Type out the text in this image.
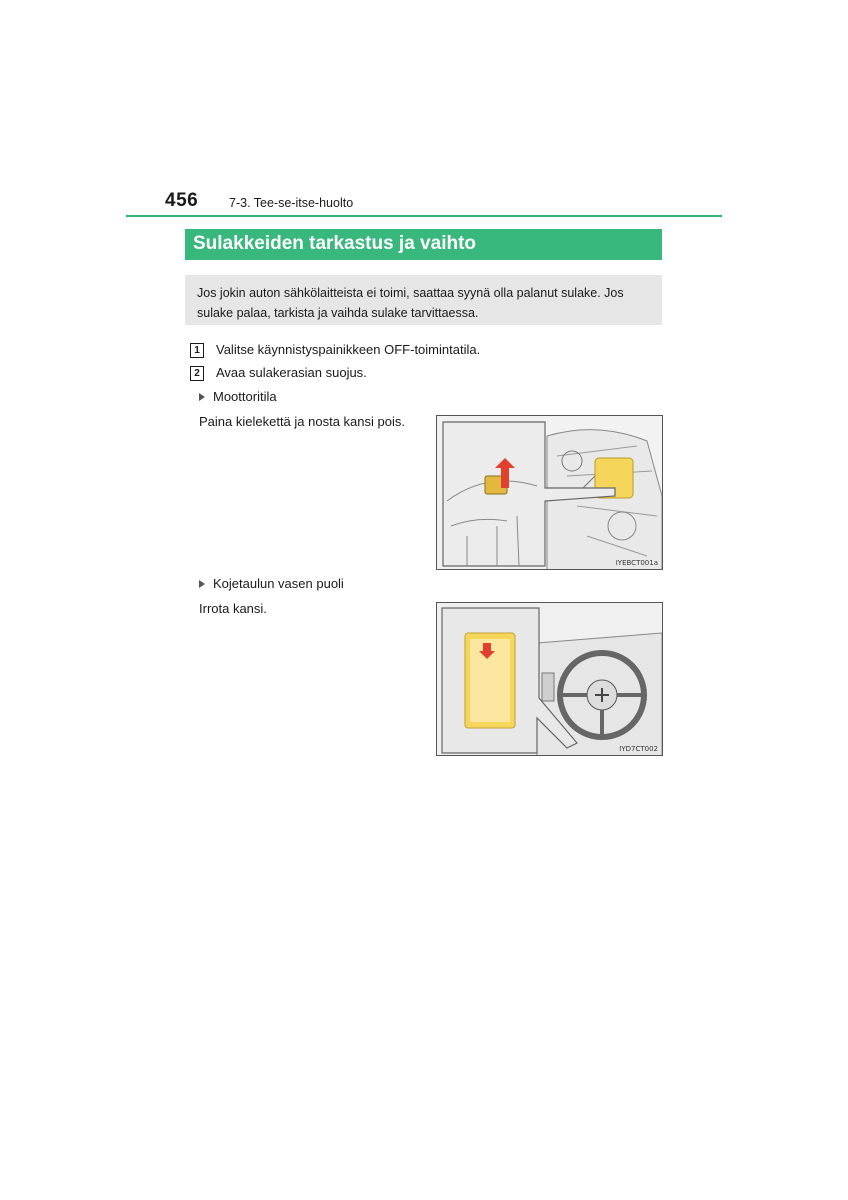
456 7-3. Tee-se-itse-huolto
Sulakkeiden tarkastus ja vaihto
Jos jokin auton sähkölaitteista ei toimi, saattaa syynä olla palanut sulake. Jos sulake palaa, tarkista ja vaihda sulake tarvittaessa.
1	Valitse käynnistyspainikkeen OFF-toimintatila.
2	Avaa sulakerasian suojus.
Moottoritila
Paina kielekettä ja nosta kansi pois.
IYEBCT001a
Kojetaulun vasen puoli
Irrota kansi.
IYD7CT002
